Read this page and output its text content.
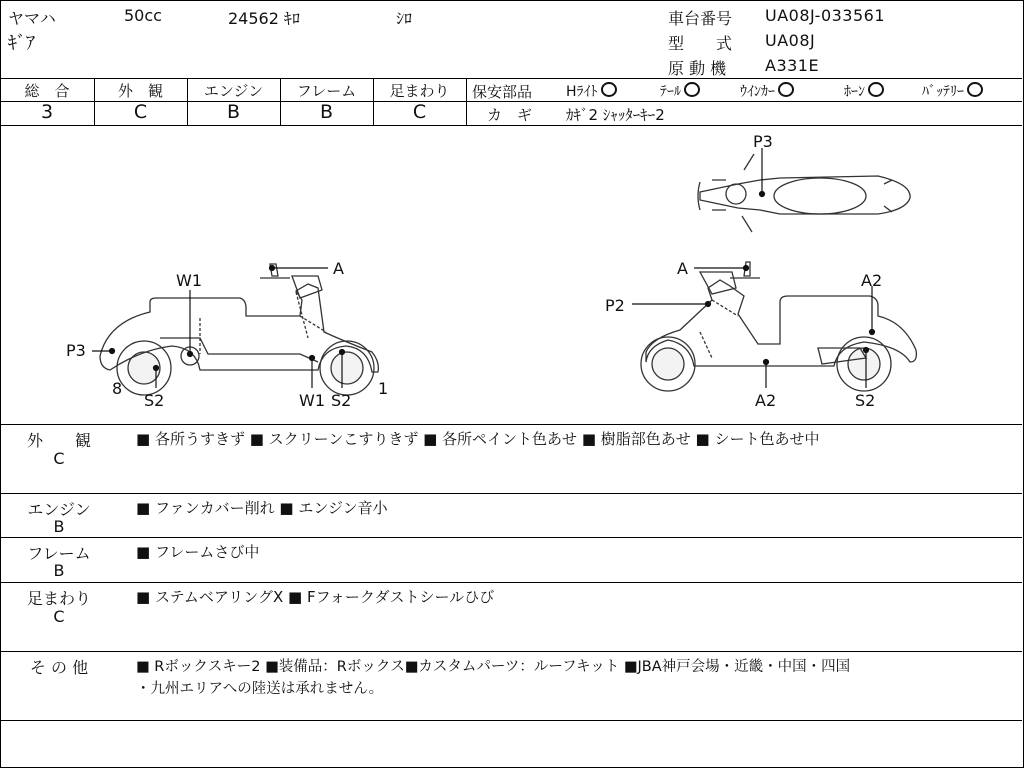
ヤマハ	50cc	24562 ｷﾛ	ｼﾛ
ｷﾞｱ
車台番号 UA08J-033561
型　　式 UA08J
原 動 機 A331E
総　合	外　観	エンジン	フレーム	足まわり
3	C	B	B	C
保安部品 Hﾗｲﾄ	ﾃｰﾙ	ｳｲﾝｶｰ	ﾎｰﾝ	ﾊﾞｯﾃﾘｰ
カ　ギ ｶｷﾞ2 ｼｬｯﾀｰｷｰ2
W1
A
P3
8
S2	W1 S2
1
P3
A
A2
P2
A2	S2
外　　観
C
■ 各所うすきず ■ スクリーンこすりきず ■ 各所ペイント色あせ ■ 樹脂部色あせ ■ シート色あせ中
エンジン
B
■ ファンカバー削れ ■ エンジン音小
フレーム
B
■ フレームさび中
足まわり
C
■ ステムベアリングX ■ Fフォークダストシールひび
そ の 他	■ Rボックスキー2 ■装備品：Rボックス■カスタムパーツ：ルーフキット ■JBA神戸会場・近畿・中国・四国
・九州エリアへの陸送は承れません。
